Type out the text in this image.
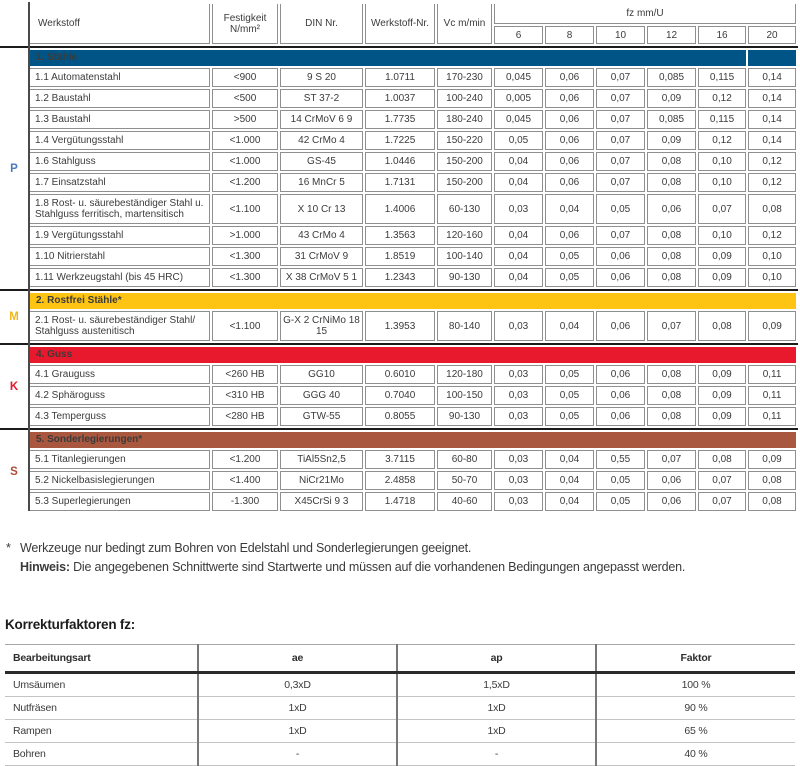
Werkstoff	Festigkeit
N/mm²	DIN Nr.	Werkstoff-Nr.	Vc m/min	fz mm/U					
					6	8	10	12	16	20
P
1. Stähle										
1.1 Automatenstahl	<900	9 S 20	1.0711	170-230	0,045	0,06	0,07	0,085	0,115	0,14
1.2 Baustahl	<500	ST 37-2	1.0037	100-240	0,005	0,06	0,07	0,09	0,12	0,14
1.3 Baustahl	>500	14 CrMoV 6 9	1.7735	180-240	0,045	0,06	0,07	0,085	0,115	0,14
1.4 Vergütungsstahl	<1.000	42 CrMo 4	1.7225	150-220	0,05	0,06	0,07	0,09	0,12	0,14
1.6 Stahlguss	<1.000	GS-45	1.0446	150-200	0,04	0,06	0,07	0,08	0,10	0,12
1.7 Einsatzstahl	<1.200	16 MnCr 5	1.7131	150-200	0,04	0,06	0,07	0,08	0,10	0,12
1.8 Rost- u. säurebeständiger Stahl u. Stahlguss ferritisch, martensitisch	<1.100	X 10 Cr 13	1.4006	60-130	0,03	0,04	0,05	0,06	0,07	0,08
1.9 Vergütungsstahl	>1.000	43 CrMo 4	1.3563	120-160	0,04	0,06	0,07	0,08	0,10	0,12
1.10 Nitrierstahl	<1.300	31 CrMoV 9	1.8519	100-140	0,04	0,05	0,06	0,08	0,09	0,10
1.11 Werkzeugstahl (bis 45 HRC)	<1.300	X 38 CrMoV 5 1	1.2343	90-130	0,04	0,05	0,06	0,08	0,09	0,10
M
2. Rostfrei Stähle*
2.1 Rost- u. säurebeständiger Stahl/ Stahlguss austenitisch	<1.100	G-X 2 CrNiMo 18 15	1.3953	80-140	0,03	0,04	0,06	0,07	0,08	0,09
K
4. Guss										
4.1 Grauguss	<260 HB	GG10	0.6010	120-180	0,03	0,05	0,06	0,08	0,09	0,11
4.2 Sphäroguss	<310 HB	GGG 40	0.7040	100-150	0,03	0,05	0,06	0,08	0,09	0,11
4.3 Temperguss	<280 HB	GTW-55	0.8055	90-130	0,03	0,05	0,06	0,08	0,09	0,11
S
5. Sonderlegierungen*										
5.1 Titanlegierungen	<1.200	TiAl5Sn2,5	3.7115	60-80	0,03	0,04	0,55	0,07	0,08	0,09
5.2 Nickelbasislegierungen	<1.400	NiCr21Mo	2.4858	50-70	0,03	0,04	0,05	0,06	0,07	0,08
5.3 Superlegierungen	-1.300	X45CrSi 9 3	1.4718	40-60	0,03	0,04	0,05	0,06	0,07	0,08
* Werkzeuge nur bedingt zum Bohren von Edelstahl und Sonderlegierungen geeignet.
Hinweis: Die angegebenen Schnittwerte sind Startwerte und müssen auf die vorhandenen Bedingungen angepasst werden.
Korrekturfaktoren fz:
Bearbeitungsart	ae	ap	Faktor
Umsäumen	0,3xD	1,5xD	100 %
Nutfräsen	1xD	1xD	90 %
Rampen	1xD	1xD	65 %
Bohren	-	-	40 %
